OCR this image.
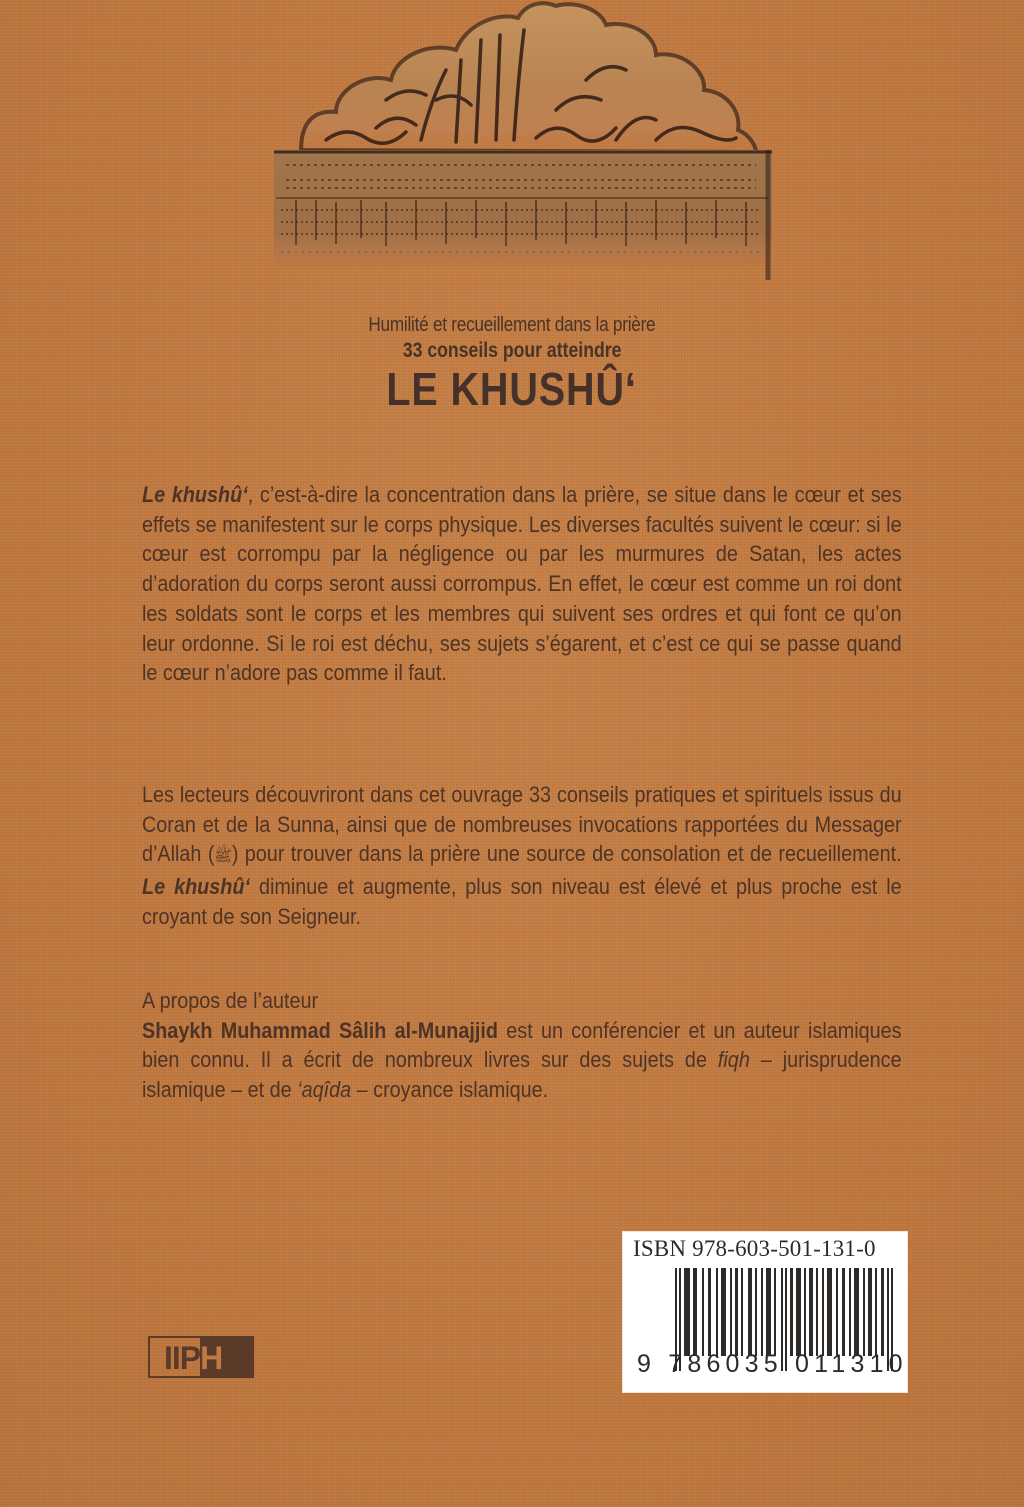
Humilité et recueillement dans la prière
33 conseils pour atteindre
LE KHUSHÛ‘
Le khushû‘, c’est-à-dire la concentration dans la prière, se situe dans le cœur et ses effets se manifestent sur le corps physique. Les diverses facultés suivent le cœur: si le cœur est corrompu par la négligence ou par les murmures de Satan, les actes d’adoration du corps seront aussi corrompus. En effet, le cœur est comme un roi dont les soldats sont le corps et les membres qui suivent ses ordres et qui font ce qu’on leur ordonne. Si le roi est déchu, ses sujets s’égarent, et c’est ce qui se passe quand le cœur n’adore pas comme il faut.
Les lecteurs découvriront dans cet ouvrage 33 conseils pratiques et spirituels issus du Coran et de la Sunna, ainsi que de nombreuses invocations rapportées du Messager d’Allah (ﷺ) pour trouver dans la prière une source de consolation et de recueillement. Le khushû‘ diminue et augmente, plus son niveau est élevé et plus proche est le croyant de son Seigneur.
A propos de l’auteur
Shaykh Muhammad Sâlih al-Munajjid est un conférencier et un auteur islamiques bien connu. Il a écrit de nombreux livres sur des sujets de fiqh – jurisprudence islamique – et de ‘aqîda – croyance islamique.
IIPH
ISBN 978-603-501-131-0
9 786035 011310
